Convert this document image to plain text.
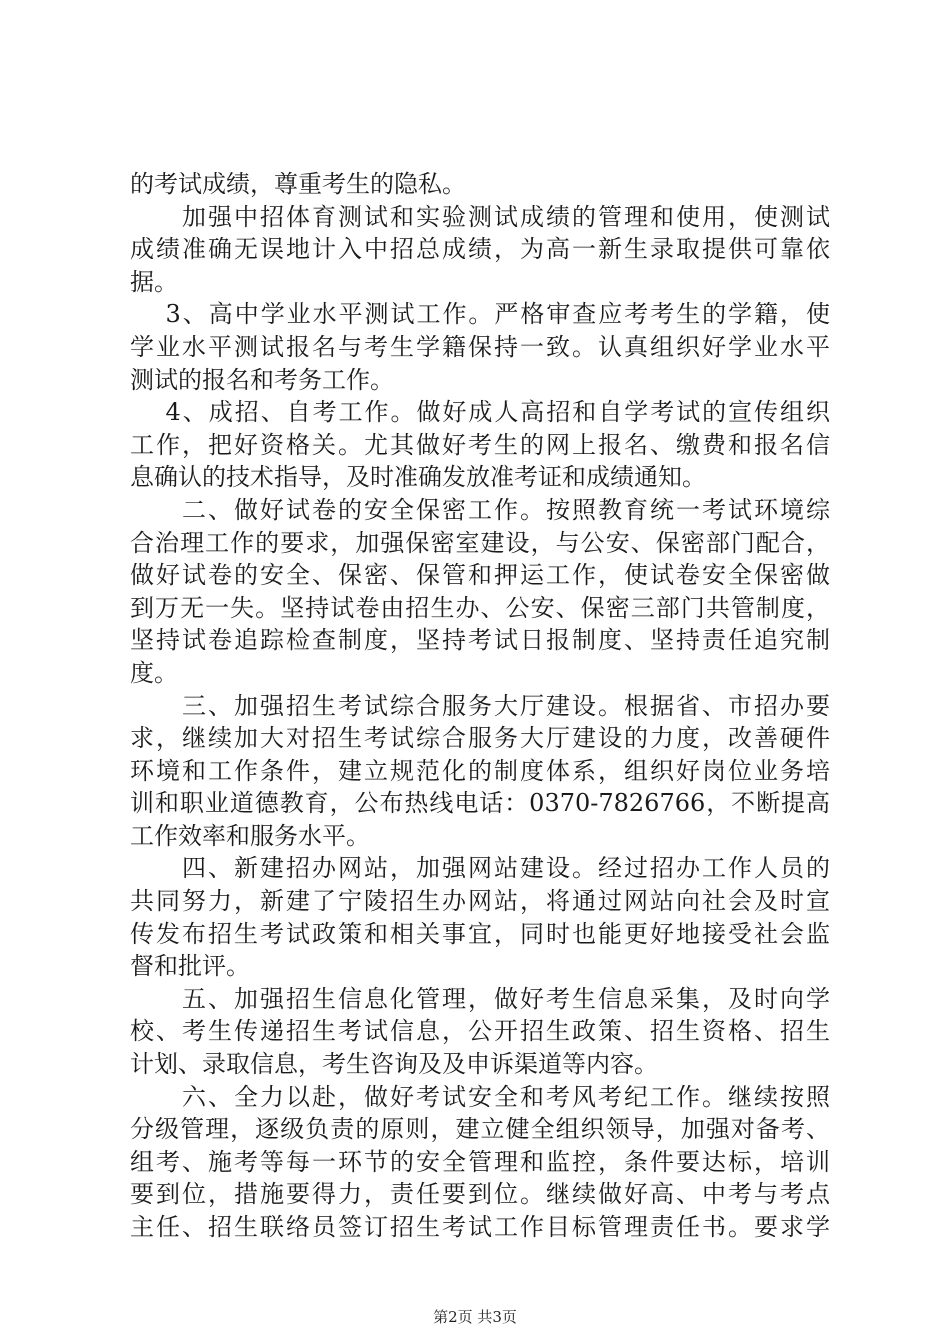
的考试成绩，尊重考生的隐私。
　　加强中招体育测试和实验测试成绩的管理和使用，使测试
成绩准确无误地计入中招总成绩，为高一新生录取提供可靠依
据。
　 3、高中学业水平测试工作。严格审查应考考生的学籍，使
学业水平测试报名与考生学籍保持一致。认真组织好学业水平
测试的报名和考务工作。
　 4、成招、自考工作。做好成人高招和自学考试的宣传组织
工作，把好资格关。尤其做好考生的网上报名、缴费和报名信
息确认的技术指导，及时准确发放准考证和成绩通知。
　　二、做好试卷的安全保密工作。按照教育统一考试环境综
合治理工作的要求，加强保密室建设，与公安、保密部门配合，
做好试卷的安全、保密、保管和押运工作，使试卷安全保密做
到万无一失。坚持试卷由招生办、公安、保密三部门共管制度，
坚持试卷追踪检查制度，坚持考试日报制度、坚持责任追究制
度。
　　三、加强招生考试综合服务大厅建设。根据省、市招办要
求，继续加大对招生考试综合服务大厅建设的力度，改善硬件
环境和工作条件，建立规范化的制度体系，组织好岗位业务培
训和职业道德教育，公布热线电话：0370-7826766，不断提高
工作效率和服务水平。
　　四、新建招办网站，加强网站建设。经过招办工作人员的
共同努力，新建了宁陵招生办网站，将通过网站向社会及时宣
传发布招生考试政策和相关事宜，同时也能更好地接受社会监
督和批评。
　　五、加强招生信息化管理，做好考生信息采集，及时向学
校、考生传递招生考试信息，公开招生政策、招生资格、招生
计划、录取信息，考生咨询及及申诉渠道等内容。
　　六、全力以赴，做好考试安全和考风考纪工作。继续按照
分级管理，逐级负责的原则，建立健全组织领导，加强对备考、
组考、施考等每一环节的安全管理和监控，条件要达标，培训
要到位，措施要得力，责任要到位。继续做好高、中考与考点
主任、招生联络员签订招生考试工作目标管理责任书。要求学
第2页 共3页
